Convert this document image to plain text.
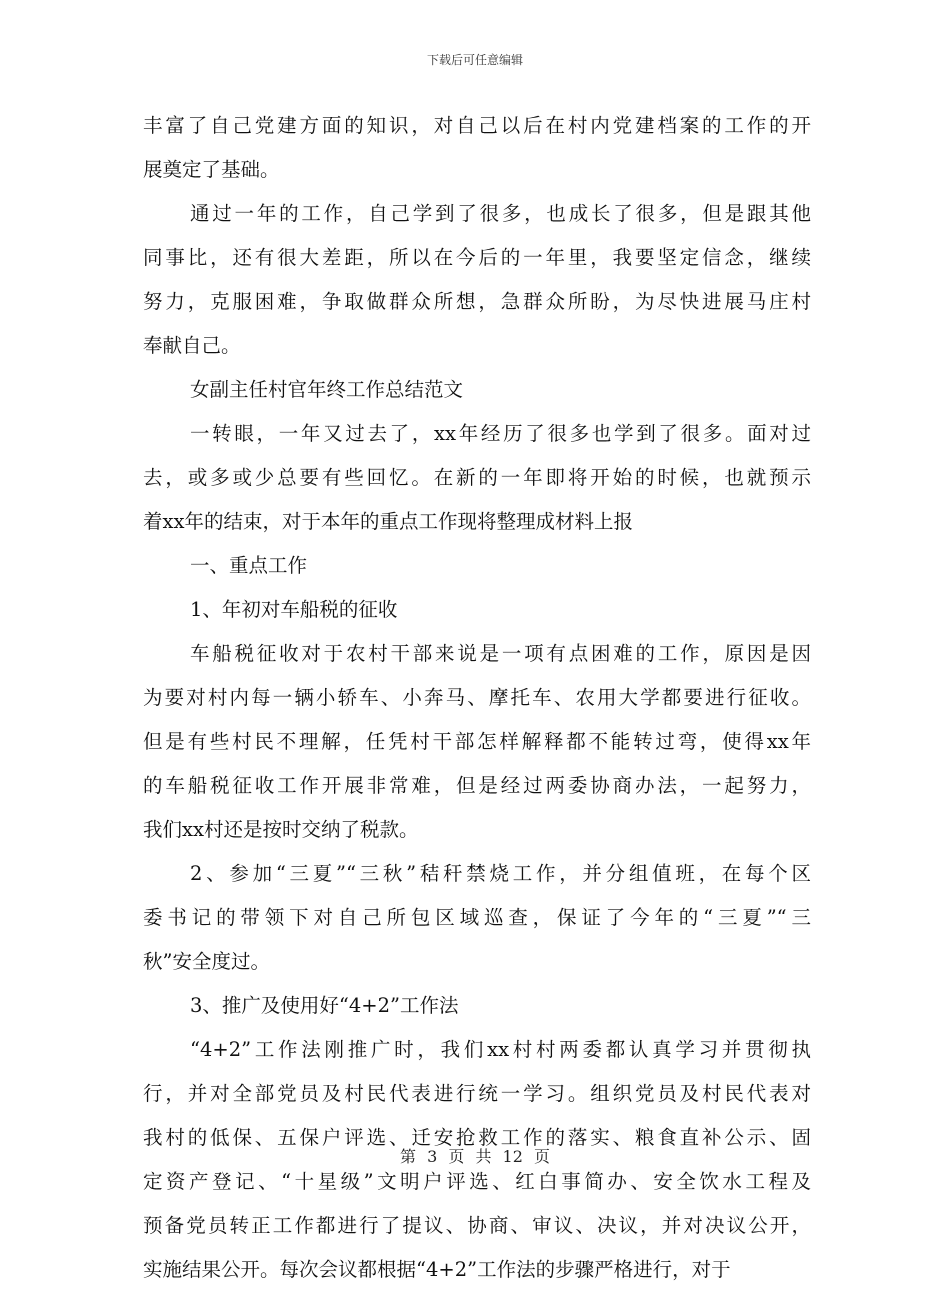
下载后可任意编辑
丰富了自己党建方面的知识，对自己以后在村内党建档案的工作的开
展奠定了基础。
通过一年的工作，自己学到了很多，也成长了很多，但是跟其他
同事比，还有很大差距，所以在今后的一年里，我要坚定信念，继续
努力，克服困难，争取做群众所想，急群众所盼，为尽快进展马庄村
奉献自己。
女副主任村官年终工作总结范文
一转眼，一年又过去了，xx年经历了很多也学到了很多。面对过
去，或多或少总要有些回忆。在新的一年即将开始的时候，也就预示
着xx年的结束，对于本年的重点工作现将整理成材料上报
一、重点工作
1、年初对车船税的征收
车船税征收对于农村干部来说是一项有点困难的工作，原因是因
为要对村内每一辆小轿车、小奔马、摩托车、农用大学都要进行征收。
但是有些村民不理解，任凭村干部怎样解释都不能转过弯，使得xx年
的车船税征收工作开展非常难，但是经过两委协商办法，一起努力，
我们xx村还是按时交纳了税款。
2、参加“三夏”“三秋”秸秆禁烧工作，并分组值班，在每个区
委书记的带领下对自己所包区域巡查，保证了今年的“三夏”“三
秋”安全度过。
3、推广及使用好“4+2”工作法
“4+2”工作法刚推广时，我们xx村村两委都认真学习并贯彻执
行，并对全部党员及村民代表进行统一学习。组织党员及村民代表对
我村的低保、五保户评选、迁安抢救工作的落实、粮食直补公示、固
定资产登记、“十星级”文明户评选、红白事简办、安全饮水工程及
预备党员转正工作都进行了提议、协商、审议、决议，并对决议公开，
实施结果公开。每次会议都根据“4+2”工作法的步骤严格进行，对于
第 3 页 共 12 页
